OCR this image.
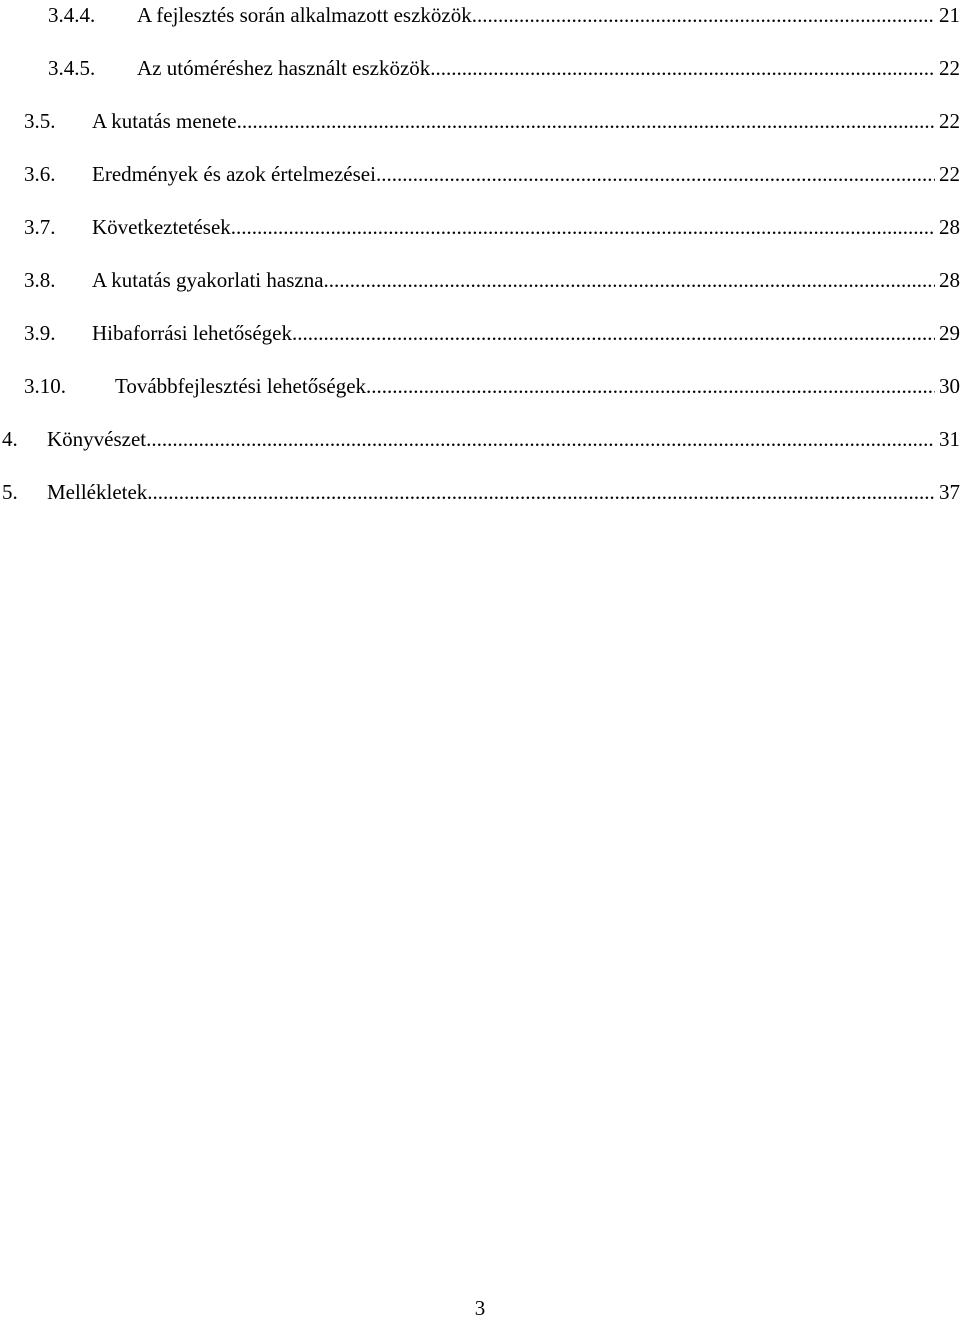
3.4.4. A fejlesztés során alkalmazott eszközök .....	21
3.4.5. Az utóméréshez használt eszközök .....	22
3.5. A kutatás menete .....	22
3.6. Eredmények és azok értelmezései .....	22
3.7. Következtetések .....	28
3.8. A kutatás gyakorlati haszna .....	28
3.9. Hibaforrási lehetőségek .....	29
3.10. Továbbfejlesztési lehetőségek .....	30
4. Könyvészet .....	31
5. Mellékletek .....	37
3
